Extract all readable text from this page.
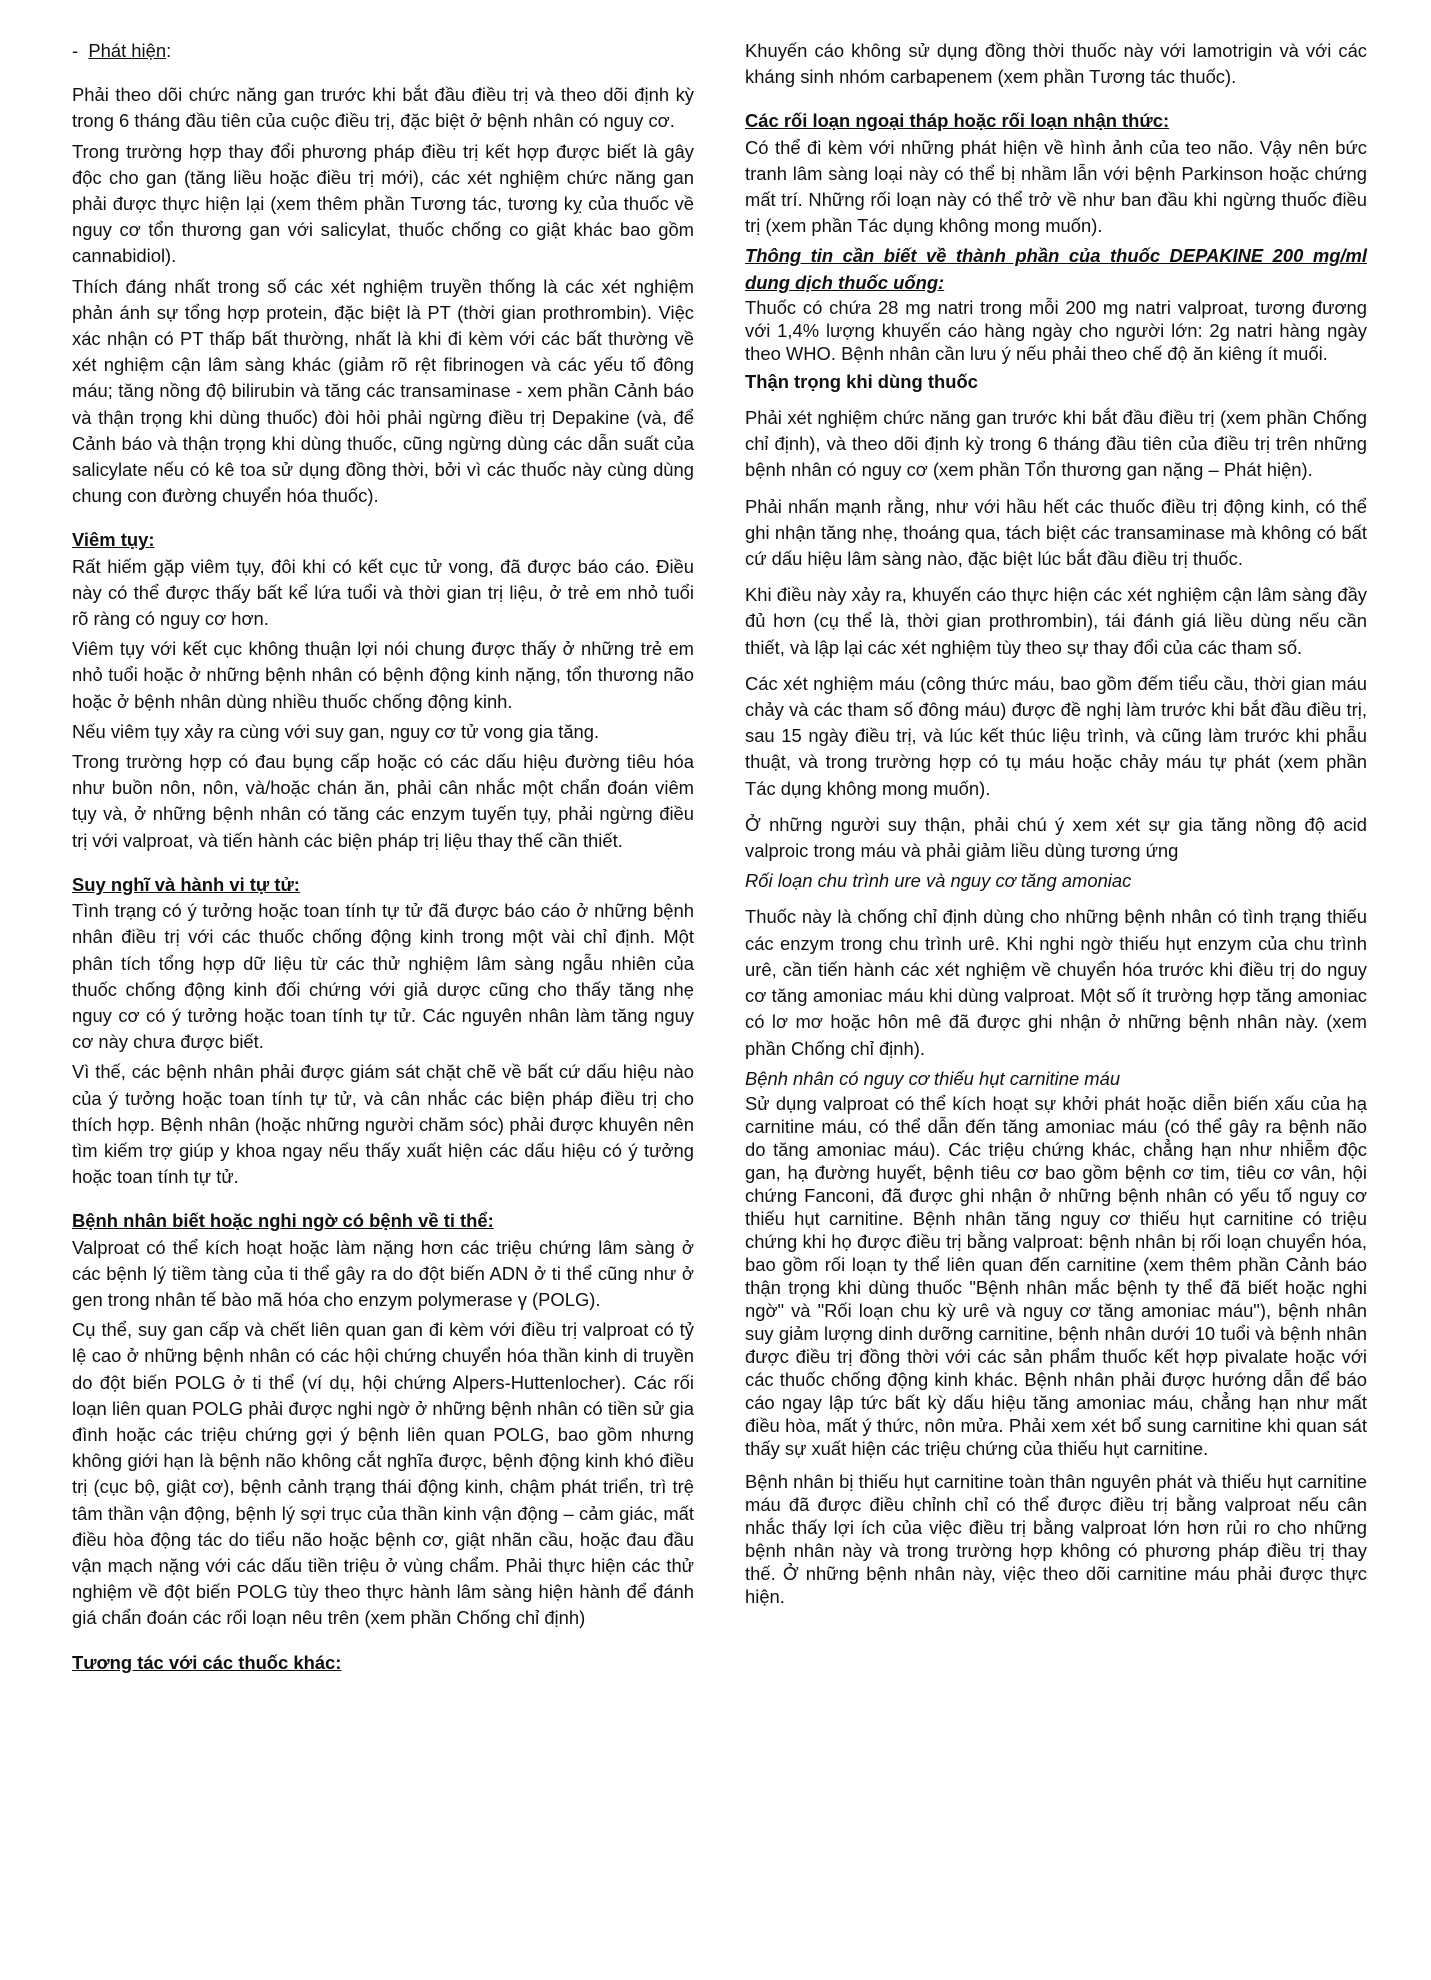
-  Phát hiện:

Phải theo dõi chức năng gan trước khi bắt đầu điều trị và theo dõi định kỳ trong 6 tháng đầu tiên của cuộc điều trị, đặc biệt ở bệnh nhân có nguy cơ.

Trong trường hợp thay đổi phương pháp điều trị kết hợp được biết là gây độc cho gan (tăng liều hoặc điều trị mới), các xét nghiệm chức năng gan phải được thực hiện lại (xem thêm phần Tương tác, tương kỵ của thuốc về nguy cơ tổn thương gan với salicylat, thuốc chống co giật khác bao gồm cannabidiol).

Thích đáng nhất trong số các xét nghiệm truyền thống là các xét nghiệm phản ánh sự tổng hợp protein, đặc biệt là PT (thời gian prothrombin). Việc xác nhận có PT thấp bất thường, nhất là khi đi kèm với các bất thường về xét nghiệm cận lâm sàng khác (giảm rõ rệt fibrinogen và các yếu tố đông máu; tăng nồng độ bilirubin và tăng các transaminase - xem phần Cảnh báo và thận trọng khi dùng thuốc) đòi hỏi phải ngừng điều trị Depakine (và, để Cảnh báo và thận trọng khi dùng thuốc, cũng ngừng dùng các dẫn suất của salicylate nếu có kê toa sử dụng đồng thời, bởi vì các thuốc này cùng dùng chung con đường chuyển hóa thuốc).

Viêm tụy:

Rất hiếm gặp viêm tụy, đôi khi có kết cục tử vong, đã được báo cáo. Điều này có thể được thấy bất kể lứa tuổi và thời gian trị liệu, ở trẻ em nhỏ tuổi rõ ràng có nguy cơ hơn.

Viêm tụy với kết cục không thuận lợi nói chung được thấy ở những trẻ em nhỏ tuổi hoặc ở những bệnh nhân có bệnh động kinh nặng, tổn thương não hoặc ở bệnh nhân dùng nhiều thuốc chống động kinh.

Nếu viêm tụy xảy ra cùng với suy gan, nguy cơ tử vong gia tăng.

Trong trường hợp có đau bụng cấp hoặc có các dấu hiệu đường tiêu hóa như buồn nôn, nôn, và/hoặc chán ăn, phải cân nhắc một chẩn đoán viêm tụy và, ở những bệnh nhân có tăng các enzym tuyến tụy, phải ngừng điều trị với valproat, và tiến hành các biện pháp trị liệu thay thế cần thiết.

Suy nghĩ và hành vi tự tử:

Tình trạng có ý tưởng hoặc toan tính tự tử đã được báo cáo ở những bệnh nhân điều trị với các thuốc chống động kinh trong một vài chỉ định. Một phân tích tổng hợp dữ liệu từ các thử nghiệm lâm sàng ngẫu nhiên của thuốc chống động kinh đối chứng với giả dược cũng cho thấy tăng nhẹ nguy cơ có ý tưởng hoặc toan tính tự tử. Các nguyên nhân làm tăng nguy cơ này chưa được biết.

Vì thế, các bệnh nhân phải được giám sát chặt chẽ về bất cứ dấu hiệu nào của ý tưởng hoặc toan tính tự tử, và cân nhắc các biện pháp điều trị cho thích hợp. Bệnh nhân (hoặc những người chăm sóc) phải được khuyên nên tìm kiếm trợ giúp y khoa ngay nếu thấy xuất hiện các dấu hiệu có ý tưởng hoặc toan tính tự tử.

Bệnh nhân biết hoặc nghi ngờ có bệnh về ti thể:

Valproat có thể kích hoạt hoặc làm nặng hơn các triệu chứng lâm sàng ở các bệnh lý tiềm tàng của ti thể gây ra do đột biến ADN ở ti thể cũng như ở gen trong nhân tế bào mã hóa cho enzym polymerase γ (POLG).

Cụ thể, suy gan cấp và chết liên quan gan đi kèm với điều trị valproat có tỷ lệ cao ở những bệnh nhân có các hội chứng chuyển hóa thần kinh di truyền do đột biến POLG ở ti thể (ví dụ, hội chứng Alpers-Huttenlocher). Các rối loạn liên quan POLG phải được nghi ngờ ở những bệnh nhân có tiền sử gia đình hoặc các triệu chứng gợi ý bệnh liên quan POLG, bao gồm nhưng không giới hạn là bệnh não không cắt nghĩa được, bệnh động kinh khó điều trị (cục bộ, giật cơ), bệnh cảnh trạng thái động kinh, chậm phát triển, trì trệ tâm thần vận động, bệnh lý sợi trục của thần kinh vận động – cảm giác, mất điều hòa động tác do tiểu não hoặc bệnh cơ, giật nhãn cầu, hoặc đau đầu vận mạch nặng với các dấu tiền triệu ở vùng chẩm. Phải thực hiện các thử nghiệm về đột biến POLG tùy theo thực hành lâm sàng hiện hành để đánh giá chẩn đoán các rối loạn nêu trên (xem phần Chống chỉ định)

Tương tác với các thuốc khác:

Khuyến cáo không sử dụng đồng thời thuốc này với lamotrigin và với các kháng sinh nhóm carbapenem (xem phần Tương tác thuốc).

Các rối loạn ngoại tháp hoặc rối loạn nhận thức:

Có thể đi kèm với những phát hiện về hình ảnh của teo não. Vậy nên bức tranh lâm sàng loại này có thể bị nhầm lẫn với bệnh Parkinson hoặc chứng mất trí. Những rối loạn này có thể trở về như ban đầu khi ngừng thuốc điều trị (xem phần Tác dụng không mong muốn).

Thông tin cần biết về thành phần của thuốc DEPAKINE 200 mg/ml dung dịch thuốc uống:

Thuốc có chứa 28 mg natri trong mỗi 200 mg natri valproat, tương đương với 1,4% lượng khuyến cáo hàng ngày cho người lớn: 2g natri hàng ngày theo WHO. Bệnh nhân cần lưu ý nếu phải theo chế độ ăn kiêng ít muối.

Thận trọng khi dùng thuốc

Phải xét nghiệm chức năng gan trước khi bắt đầu điều trị (xem phần Chống chỉ định), và theo dõi định kỳ trong 6 tháng đầu tiên của điều trị trên những bệnh nhân có nguy cơ (xem phần Tổn thương gan nặng – Phát hiện).

Phải nhấn mạnh rằng, như với hầu hết các thuốc điều trị động kinh, có thể ghi nhận tăng nhẹ, thoáng qua, tách biệt các transaminase mà không có bất cứ dấu hiệu lâm sàng nào, đặc biệt lúc bắt đầu điều trị thuốc.

Khi điều này xảy ra, khuyến cáo thực hiện các xét nghiệm cận lâm sàng đầy đủ hơn (cụ thể là, thời gian prothrombin), tái đánh giá liều dùng nếu cần thiết, và lập lại các xét nghiệm tùy theo sự thay đổi của các tham số.

Các xét nghiệm máu (công thức máu, bao gồm đếm tiểu cầu, thời gian máu chảy và các tham số đông máu) được đề nghị làm trước khi bắt đầu điều trị, sau 15 ngày điều trị, và lúc kết thúc liệu trình, và cũng làm trước khi phẫu thuật, và trong trường hợp có tụ máu hoặc chảy máu tự phát (xem phần Tác dụng không mong muốn).

Ở những người suy thận, phải chú ý xem xét sự gia tăng nồng độ acid valproic trong máu và phải giảm liều dùng tương ứng

Rối loạn chu trình ure và nguy cơ tăng amoniac

Thuốc này là chống chỉ định dùng cho những bệnh nhân có tình trạng thiếu các enzym trong chu trình urê. Khi nghi ngờ thiếu hụt enzym của chu trình urê, cần tiến hành các xét nghiệm về chuyển hóa trước khi điều trị do nguy cơ tăng amoniac máu khi dùng valproat. Một số ít trường hợp tăng amoniac có lơ mơ hoặc hôn mê đã được ghi nhận ở những bệnh nhân này. (xem phần Chống chỉ định).

Bệnh nhân có nguy cơ thiếu hụt carnitine máu

Sử dụng valproat có thể kích hoạt sự khởi phát hoặc diễn biến xấu của hạ carnitine máu, có thể dẫn đến tăng amoniac máu (có thể gây ra bệnh não do tăng amoniac máu). Các triệu chứng khác, chẳng hạn như nhiễm độc gan, hạ đường huyết, bệnh tiêu cơ bao gồm bệnh cơ tim, tiêu cơ vân, hội chứng Fanconi, đã được ghi nhận ở những bệnh nhân có yếu tố nguy cơ thiếu hụt carnitine. Bệnh nhân tăng nguy cơ thiếu hụt carnitine có triệu chứng khi họ được điều trị bằng valproat: bệnh nhân bị rối loạn chuyển hóa, bao gồm rối loạn ty thể liên quan đến carnitine (xem thêm phần Cảnh báo thận trọng khi dùng thuốc "Bệnh nhân mắc bệnh ty thể đã biết hoặc nghi ngờ" và "Rối loạn chu kỳ urê và nguy cơ tăng amoniac máu"), bệnh nhân suy giảm lượng dinh dưỡng carnitine, bệnh nhân dưới 10 tuổi và bệnh nhân được điều trị đồng thời với các sản phẩm thuốc kết hợp pivalate hoặc với các thuốc chống động kinh khác. Bệnh nhân phải được hướng dẫn để báo cáo ngay lập tức bất kỳ dấu hiệu tăng amoniac máu, chẳng hạn như mất điều hòa, mất ý thức, nôn mửa. Phải xem xét bổ sung carnitine khi quan sát thấy sự xuất hiện các triệu chứng của thiếu hụt carnitine.

Bệnh nhân bị thiếu hụt carnitine toàn thân nguyên phát và thiếu hụt carnitine máu đã được điều chỉnh chỉ có thể được điều trị bằng valproat nếu cân nhắc thấy lợi ích của việc điều trị bằng valproat lớn hơn rủi ro cho những bệnh nhân này và trong trường hợp không có phương pháp điều trị thay thế. Ở những bệnh nhân này, việc theo dõi carnitine máu phải được thực hiện.
